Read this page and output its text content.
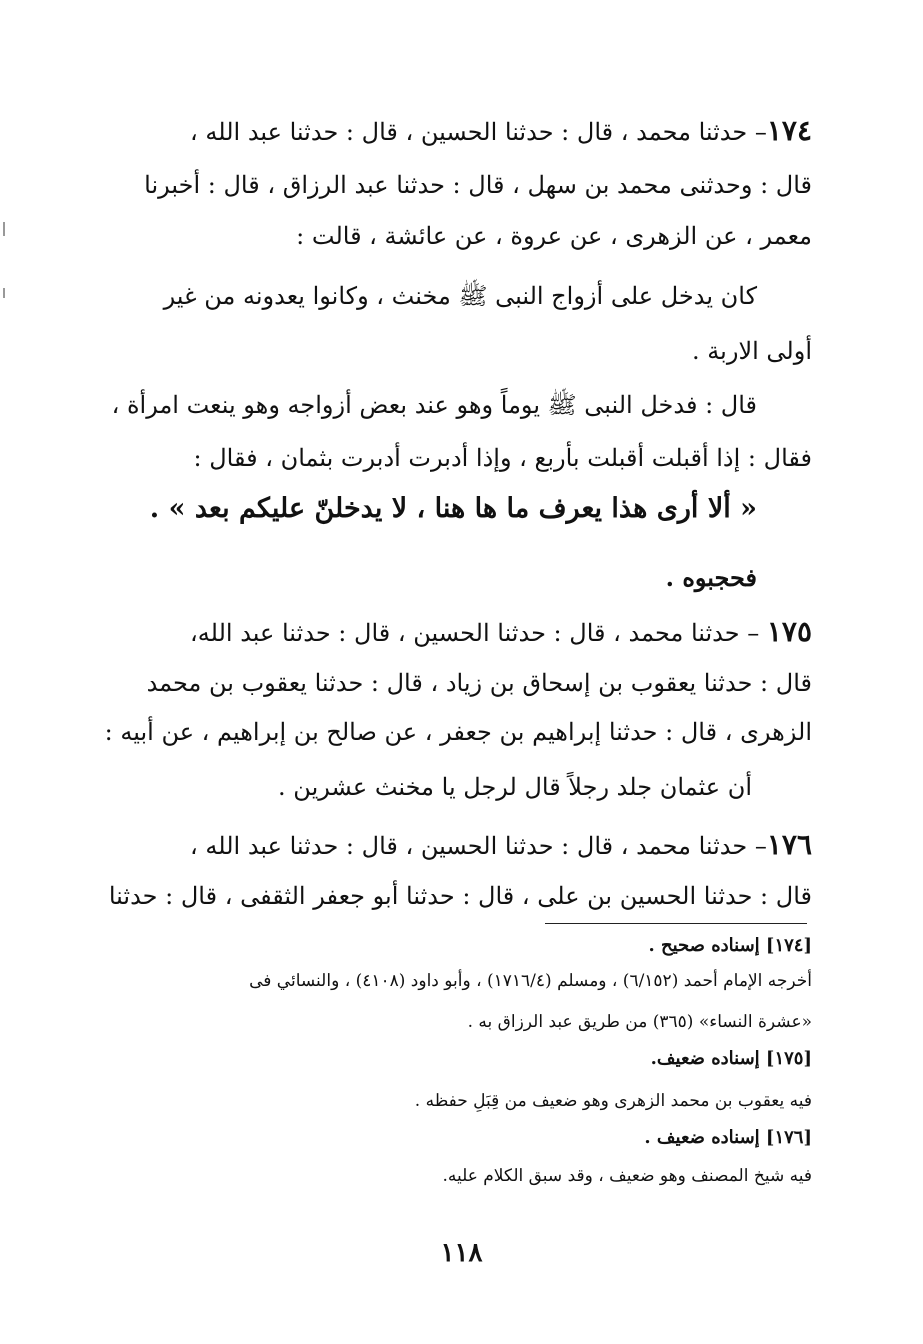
١٧٤– حدثنا محمد ، قال : حدثنا الحسين ، قال : حدثنا عبد الله ،
قال : وحدثنى محمد بن سهل ، قال : حدثنا عبد الرزاق ، قال : أخبرنا
معمر ، عن الزهرى ، عن عروة ، عن عائشة ، قالت :
كان يدخل على أزواج النبى ﷺ مخنث ، وكانوا يعدونه من غير
أولى الاربة .
قال : فدخل النبى ﷺ يوماً وهو عند بعض أزواجه وهو ينعت امرأة ،
فقال : إذا أقبلت أقبلت بأربع ، وإذا أدبرت أدبرت بثمان ، فقال :
« ألا أرى هذا يعرف ما ها هنا ، لا يدخلنّ عليكم بعد » .
فحجبوه .
١٧٥ – حدثنا محمد ، قال : حدثنا الحسين ، قال : حدثنا عبد الله،
قال : حدثنا يعقوب بن إسحاق بن زياد ، قال : حدثنا يعقوب بن محمد
الزهرى ، قال : حدثنا إبراهيم بن جعفر ، عن صالح بن إبراهيم ، عن أبيه :
أن عثمان جلد رجلاً قال لرجل يا مخنث عشرين .
١٧٦– حدثنا محمد ، قال : حدثنا الحسين ، قال : حدثنا عبد الله ،
قال : حدثنا الحسين بن على ، قال : حدثنا أبو جعفر الثقفى ، قال : حدثنا
[١٧٤] إسناده صحيح .
أخرجه الإمام أحمد (٦/١٥٢) ، ومسلم (١٧١٦/٤) ، وأبو داود (٤١٠٨) ، والنسائي فى
«عشرة النساء» (٣٦٥) من طريق عبد الرزاق به .
[١٧٥] إسناده ضعيف.
فيه يعقوب بن محمد الزهرى وهو ضعيف من قِبَلِ حفظه .
[١٧٦] إسناده ضعيف .
فيه شيخ المصنف وهو ضعيف ، وقد سبق الكلام عليه.
١١٨
